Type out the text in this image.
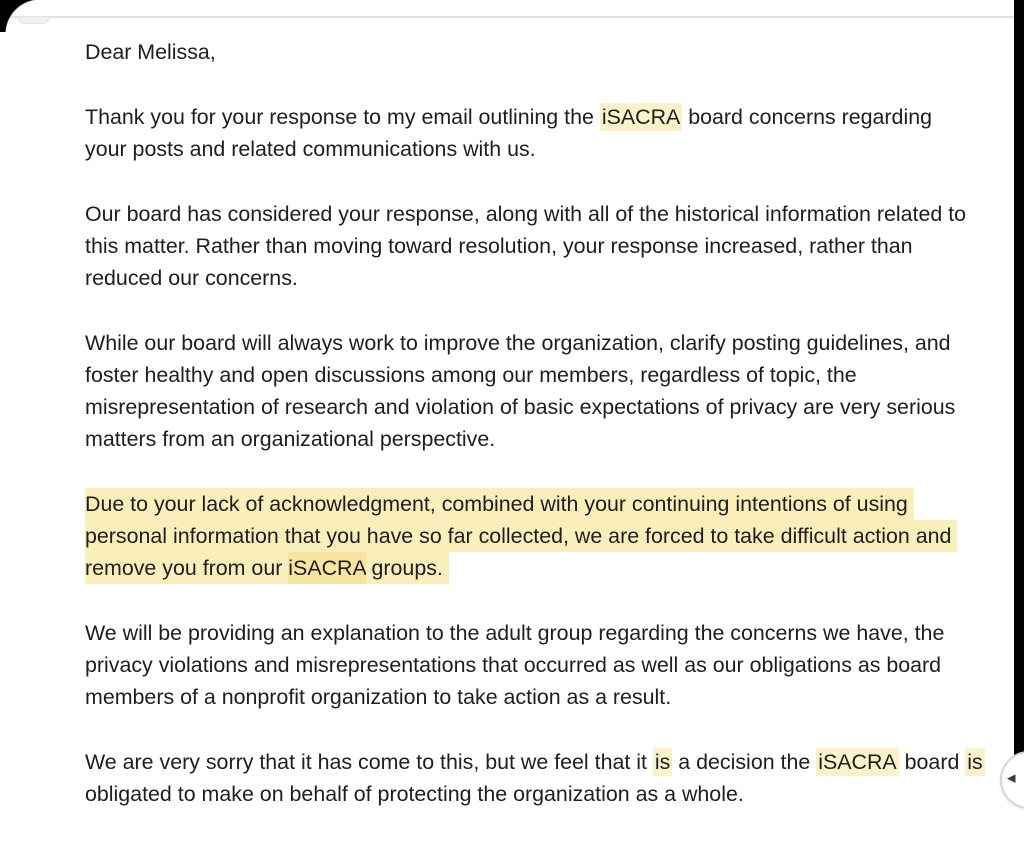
Dear Melissa,
Thank you for your response to my email outlining the iSACRA board concerns regarding
your posts and related communications with us.
Our board has considered your response, along with all of the historical information related to
this matter. Rather than moving toward resolution, your response increased, rather than
reduced our concerns.
While our board will always work to improve the organization, clarify posting guidelines, and
foster healthy and open discussions among our members, regardless of topic, the
misrepresentation of research and violation of basic expectations of privacy are very serious
matters from an organizational perspective.
Due to your lack of acknowledgment, combined with your continuing intentions of using
personal information that you have so far collected, we are forced to take difficult action and
remove you from our iSACRA groups.
We will be providing an explanation to the adult group regarding the concerns we have, the
privacy violations and misrepresentations that occurred as well as our obligations as board
members of a nonprofit organization to take action as a result.
We are very sorry that it has come to this, but we feel that it is a decision the iSACRA board is
obligated to make on behalf of protecting the organization as a whole.
◂
